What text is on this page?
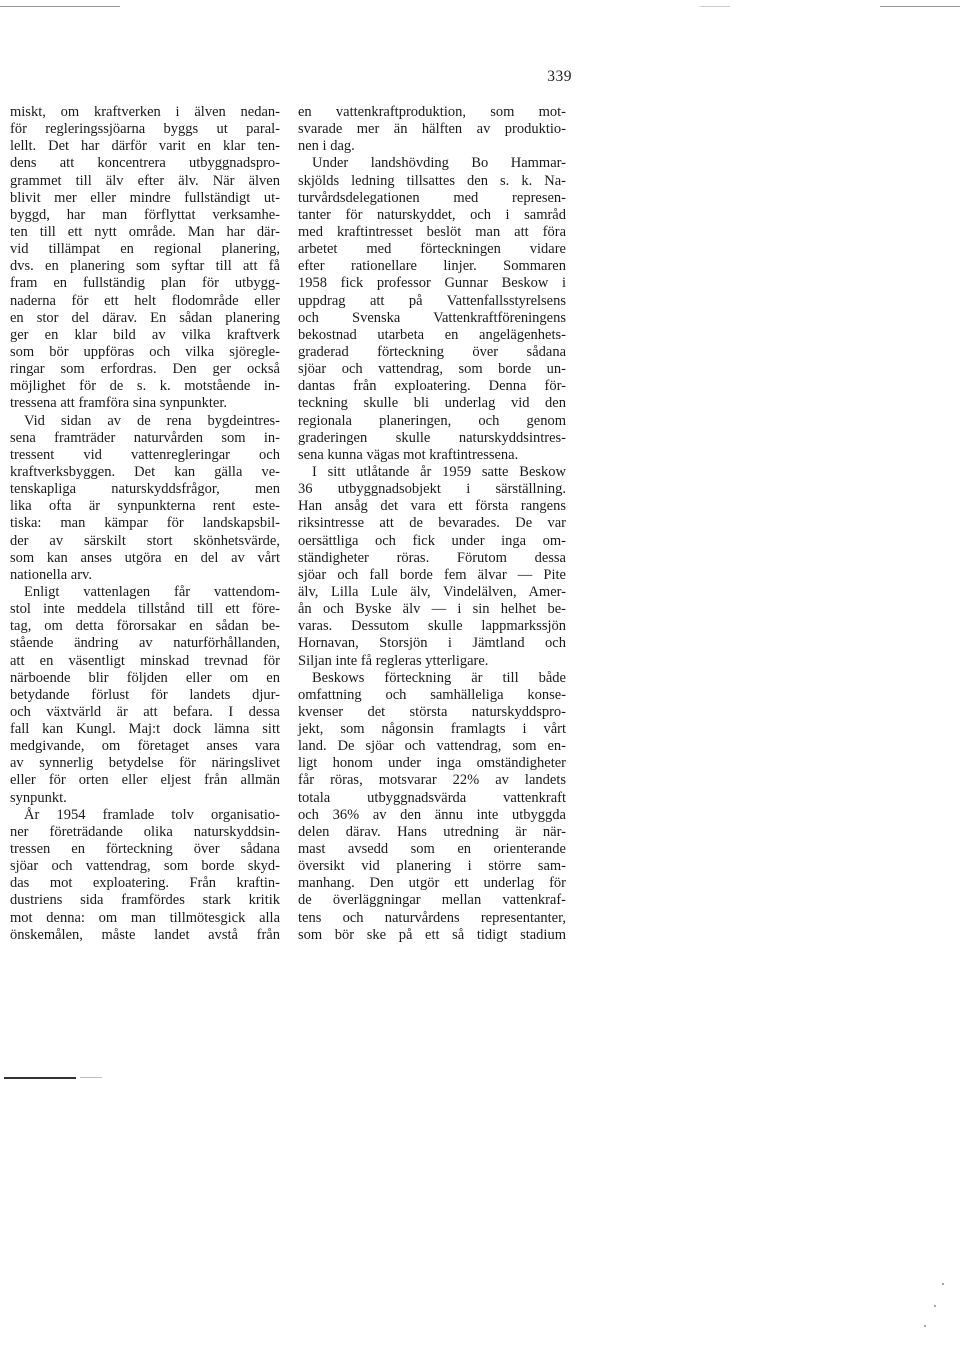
339
miskt, om kraftverken i älven nedan-
för regleringssjöarna byggs ut paral-
lellt. Det har därför varit en klar ten-
dens att koncentrera utbyggnadspro-
grammet till älv efter älv. När älven
blivit mer eller mindre fullständigt ut-
byggd, har man förflyttat verksamhe-
ten till ett nytt område. Man har där-
vid tillämpat en regional planering,
dvs. en planering som syftar till att få
fram en fullständig plan för utbygg-
naderna för ett helt flodområde eller
en stor del därav. En sådan planering
ger en klar bild av vilka kraftverk
som bör uppföras och vilka sjöregle-
ringar som erfordras. Den ger också
möjlighet för de s. k. motstående in-
tressena att framföra sina synpunkter.
Vid sidan av de rena bygdeintres-
sena framträder naturvården som in-
tressent vid vattenregleringar och
kraftverksbyggen. Det kan gälla ve-
tenskapliga naturskyddsfrågor, men
lika ofta är synpunkterna rent este-
tiska: man kämpar för landskapsbil-
der av särskilt stort skönhetsvärde,
som kan anses utgöra en del av vårt
nationella arv.
Enligt vattenlagen får vattendom-
stol inte meddela tillstånd till ett före-
tag, om detta förorsakar en sådan be-
stående ändring av naturförhållanden,
att en väsentligt minskad trevnad för
närboende blir följden eller om en
betydande förlust för landets djur-
och växtvärld är att befara. I dessa
fall kan Kungl. Maj:t dock lämna sitt
medgivande, om företaget anses vara
av synnerlig betydelse för näringslivet
eller för orten eller eljest från allmän
synpunkt.
År 1954 framlade tolv organisatio-
ner företrädande olika naturskyddsin-
tressen en förteckning över sådana
sjöar och vattendrag, som borde skyd-
das mot exploatering. Från kraftin-
dustriens sida framfördes stark kritik
mot denna: om man tillmötesgick alla
önskemålen, måste landet avstå från
en vattenkraftproduktion, som mot-
svarade mer än hälften av produktio-
nen i dag.
Under landshövding Bo Hammar-
skjölds ledning tillsattes den s. k. Na-
turvårdsdelegationen med represen-
tanter för naturskyddet, och i samråd
med kraftintresset beslöt man att föra
arbetet med förteckningen vidare
efter rationellare linjer. Sommaren
1958 fick professor Gunnar Beskow i
uppdrag att på Vattenfallsstyrelsens
och Svenska Vattenkraftföreningens
bekostnad utarbeta en angelägenhets-
graderad förteckning över sådana
sjöar och vattendrag, som borde un-
dantas från exploatering. Denna för-
teckning skulle bli underlag vid den
regionala planeringen, och genom
graderingen skulle naturskyddsintres-
sena kunna vägas mot kraftintressena.
I sitt utlåtande år 1959 satte Beskow
36 utbyggnadsobjekt i särställning.
Han ansåg det vara ett första rangens
riksintresse att de bevarades. De var
oersättliga och fick under inga om-
ständigheter röras. Förutom dessa
sjöar och fall borde fem älvar — Pite
älv, Lilla Lule älv, Vindelälven, Amer-
ån och Byske älv — i sin helhet be-
varas. Dessutom skulle lappmarkssjön
Hornavan, Storsjön i Jämtland och
Siljan inte få regleras ytterligare.
Beskows förteckning är till både
omfattning och samhälleliga konse-
kvenser det största naturskyddspro-
jekt, som någonsin framlagts i vårt
land. De sjöar och vattendrag, som en-
ligt honom under inga omständigheter
får röras, motsvarar 22% av landets
totala utbyggnadsvärda vattenkraft
och 36% av den ännu inte utbyggda
delen därav. Hans utredning är när-
mast avsedd som en orienterande
översikt vid planering i större sam-
manhang. Den utgör ett underlag för
de överläggningar mellan vattenkraf-
tens och naturvårdens representanter,
som bör ske på ett så tidigt stadium
